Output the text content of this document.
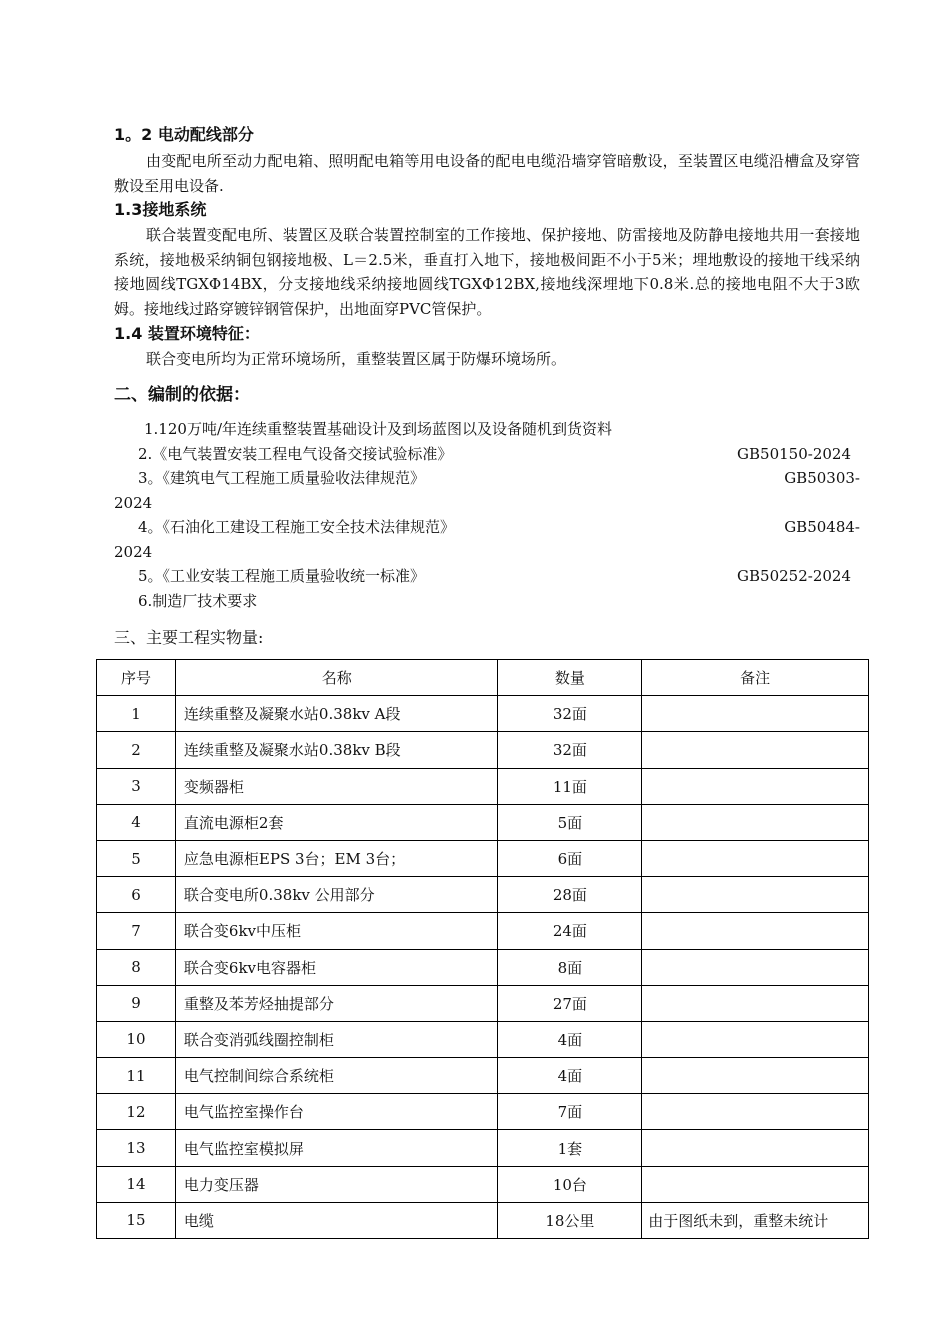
1。2 电动配线部分

由变配电所至动力配电箱、照明配电箱等用电设备的配电电缆沿墙穿管暗敷设，至装置区电缆沿槽盒及穿管敷设至用电设备.

1.3接地系统

联合装置变配电所、装置区及联合装置控制室的工作接地、保护接地、防雷接地及防静电接地共用一套接地系统，接地极采纳铜包钢接地极、L＝2.5米，垂直打入地下，接地极间距不小于5米；埋地敷设的接地干线采纳接地圆线TGXΦ14BX，分支接地线采纳接地圆线TGXΦ12BX,接地线深埋地下0.8米.总的接地电阻不大于3欧姆。接地线过路穿镀锌钢管保护，出地面穿PVC管保护。

1.4 装置环境特征：

联合变电所均为正常环境场所，重整装置区属于防爆环境场所。

二、编制的依据：
1.120万吨/年连续重整装置基础设计及到场蓝图以及设备随机到货资料
2.《电气装置安装工程电气设备交接试验标准》	GB50150-2024
3。《建筑电气工程施工质量验收法律规范》	GB50303-
2024
4。《石油化工建设工程施工安全技术法律规范》	GB50484-
2024
5。《工业安装工程施工质量验收统一标准》	GB50252-2024
6.制造厂技术要求
三、主要工程实物量:
序号	名称	数量	备注
1	连续重整及凝聚水站0.38kv A段	32面	
2	连续重整及凝聚水站0.38kv B段	32面	
3	变频器柜	11面	
4	直流电源柜2套	5面	
5	应急电源柜EPS 3台；EM 3台；	6面	
6	联合变电所0.38kv 公用部分	28面	
7	联合变6kv中压柜	24面	
8	联合变6kv电容器柜	8面	
9	重整及苯芳烃抽提部分	27面	
10	联合变消弧线圈控制柜	4面	
11	电气控制间综合系统柜	4面	
12	电气监控室操作台	7面	
13	电气监控室模拟屏	1套	
14	电力变压器	10台	
15	电缆	18公里	由于图纸未到，重整未统计
